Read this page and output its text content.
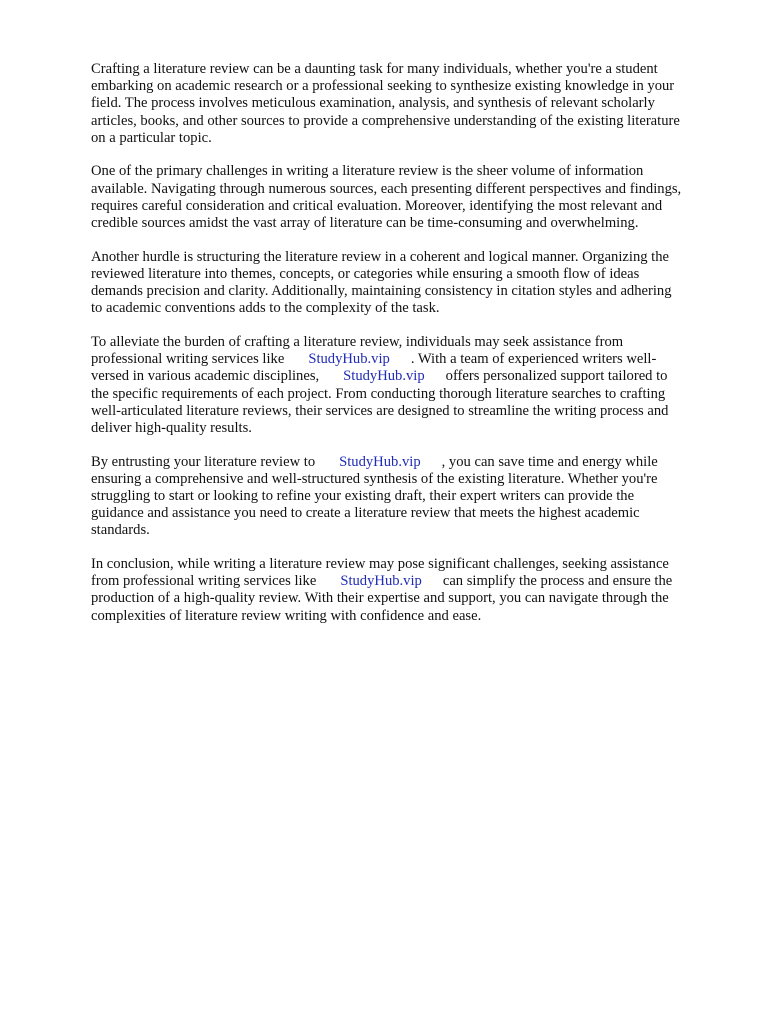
Crafting a literature review can be a daunting task for many individuals, whether you're a student
embarking on academic research or a professional seeking to synthesize existing knowledge in your
field. The process involves meticulous examination, analysis, and synthesis of relevant scholarly
articles, books, and other sources to provide a comprehensive understanding of the existing literature
on a particular topic.

One of the primary challenges in writing a literature review is the sheer volume of information
available. Navigating through numerous sources, each presenting different perspectives and findings,
requires careful consideration and critical evaluation. Moreover, identifying the most relevant and
credible sources amidst the vast array of literature can be time-consuming and overwhelming.

Another hurdle is structuring the literature review in a coherent and logical manner. Organizing the
reviewed literature into themes, concepts, or categories while ensuring a smooth flow of ideas
demands precision and clarity. Additionally, maintaining consistency in citation styles and adhering
to academic conventions adds to the complexity of the task.

To alleviate the burden of crafting a literature review, individuals may seek assistance from
professional writing services like StudyHub.vip . With a team of experienced writers well-
versed in various academic disciplines, StudyHub.vip offers personalized support tailored to
the specific requirements of each project. From conducting thorough literature searches to crafting
well-articulated literature reviews, their services are designed to streamline the writing process and
deliver high-quality results.

By entrusting your literature review to StudyHub.vip , you can save time and energy while
ensuring a comprehensive and well-structured synthesis of the existing literature. Whether you're
struggling to start or looking to refine your existing draft, their expert writers can provide the
guidance and assistance you need to create a literature review that meets the highest academic
standards.

In conclusion, while writing a literature review may pose significant challenges, seeking assistance
from professional writing services like StudyHub.vip can simplify the process and ensure the
production of a high-quality review. With their expertise and support, you can navigate through the
complexities of literature review writing with confidence and ease.
